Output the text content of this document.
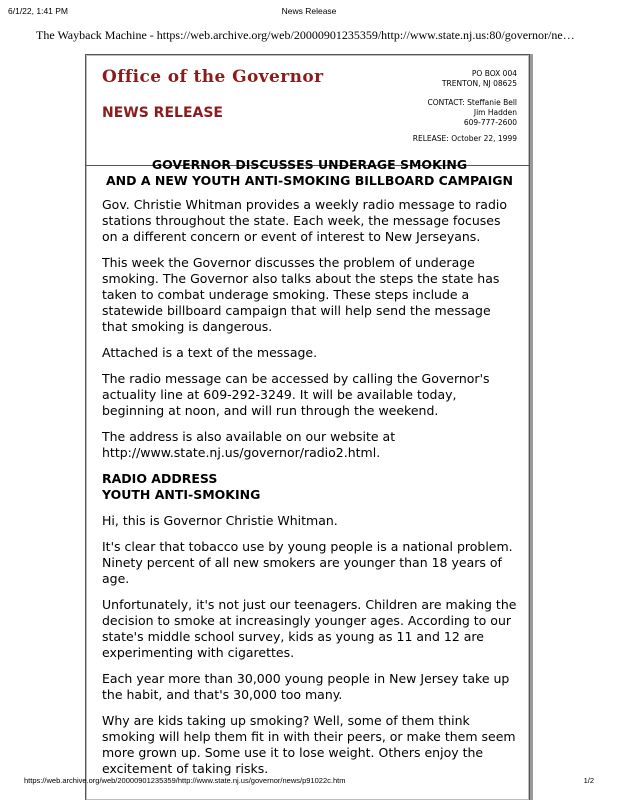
6/1/22, 1:41 PM	News Release
The Wayback Machine - https://web.archive.org/web/20000901235359/http://www.state.nj.us:80/governor/ne…
Office of the Governor
NEWS RELEASE
PO BOX 004
TRENTON, NJ 08625
CONTACT: Steffanie Bell
Jim Hadden
609-777-2600
RELEASE: October 22, 1999
GOVERNOR DISCUSSES UNDERAGE SMOKING
AND A NEW YOUTH ANTI-SMOKING BILLBOARD CAMPAIGN

Gov. Christie Whitman provides a weekly radio message to radio stations throughout the state. Each week, the message focuses on a different concern or event of interest to New Jerseyans.

This week the Governor discusses the problem of underage smoking. The Governor also talks about the steps the state has taken to combat underage smoking. These steps include a statewide billboard campaign that will help send the message that smoking is dangerous.

Attached is a text of the message.

The radio message can be accessed by calling the Governor's actuality line at 609-292-3249. It will be available today, beginning at noon, and will run through the weekend.

The address is also available on our website at http://www.state.nj.us/governor/radio2.html.

RADIO ADDRESS
YOUTH ANTI-SMOKING

Hi, this is Governor Christie Whitman.

It's clear that tobacco use by young people is a national problem. Ninety percent of all new smokers are younger than 18 years of age.

Unfortunately, it's not just our teenagers. Children are making the decision to smoke at increasingly younger ages. According to our state's middle school survey, kids as young as 11 and 12 are experimenting with cigarettes.

Each year more than 30,000 young people in New Jersey take up the habit, and that's 30,000 too many.

Why are kids taking up smoking? Well, some of them think smoking will help them fit in with their peers, or make them seem more grown up. Some use it to lose weight. Others enjoy the excitement of taking risks.

https://web.archive.org/web/20000901235359/http://www.state.nj.us/governor/news/p91022c.htm	1/2
